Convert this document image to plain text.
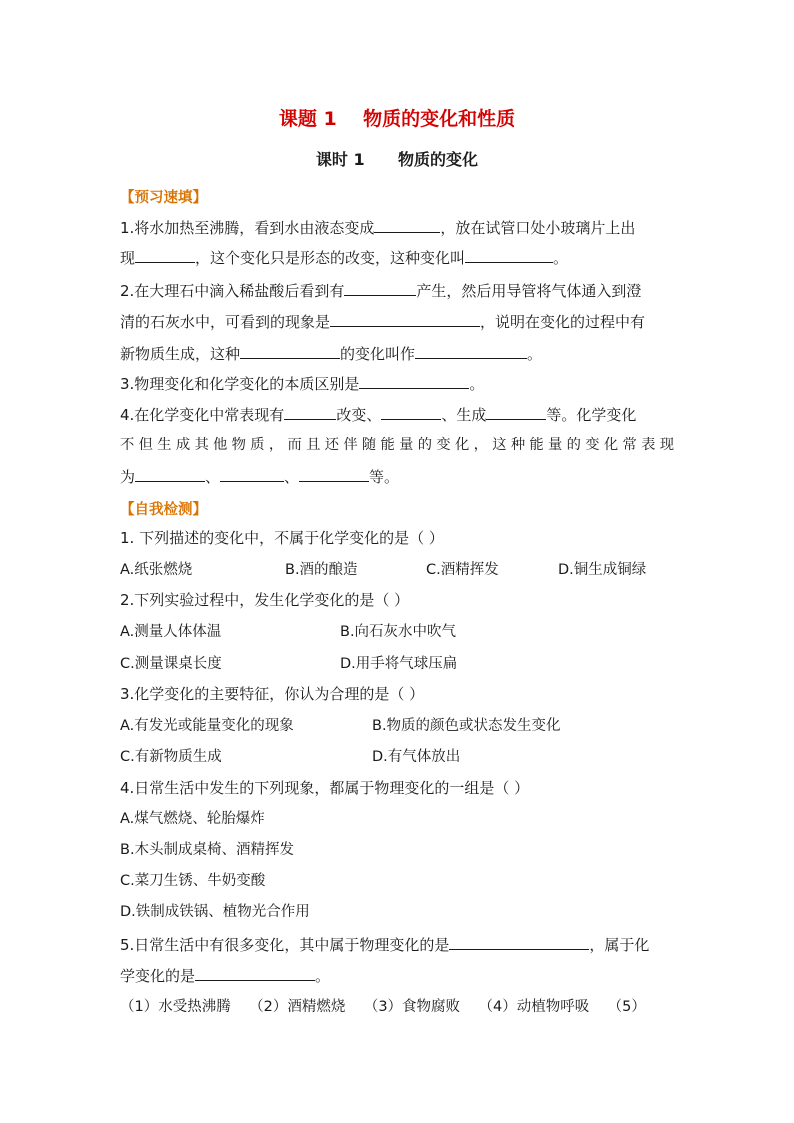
课题 1    物质的变化和性质
课时 1      物质的变化
【预习速填】
1.将水加热至沸腾，看到水由液态变成	，放在试管口处小玻璃片上出
现	，这个变化只是形态的改变，这种变化叫	。
2.在大理石中滴入稀盐酸后看到有	产生，然后用导管将气体通入到澄
清的石灰水中，可看到的现象是	，说明在变化的过程中有
新物质生成，这种	的变化叫作	。
3.物理变化和化学变化的本质区别是	。
4.在化学变化中常表现有	改变、	、生成	等。化学变化
不但生成其他物质，而且还伴随能量的变化，这种能量的变化常表现
为	、	、	等。
【自我检测】
1. 下列描述的变化中，不属于化学变化的是（ ）
A.纸张燃烧	B.酒的酿造	C.酒精挥发	D.铜生成铜绿
2.下列实验过程中，发生化学变化的是（ ）
A.测量人体体温	B.向石灰水中吹气
C.测量课桌长度	D.用手将气球压扁
3.化学变化的主要特征，你认为合理的是（ ）
A.有发光或能量变化的现象	B.物质的颜色或状态发生变化
C.有新物质生成	D.有气体放出
4.日常生活中发生的下列现象，都属于物理变化的一组是（ ）
A.煤气燃烧、轮胎爆炸
B.木头制成桌椅、酒精挥发
C.菜刀生锈、牛奶变酸
D.铁制成铁锅、植物光合作用
5.日常生活中有很多变化，其中属于物理变化的是	，属于化
学变化的是	。
（1）水受热沸腾    （2）酒精燃烧    （3）食物腐败    （4）动植物呼吸    （5）
